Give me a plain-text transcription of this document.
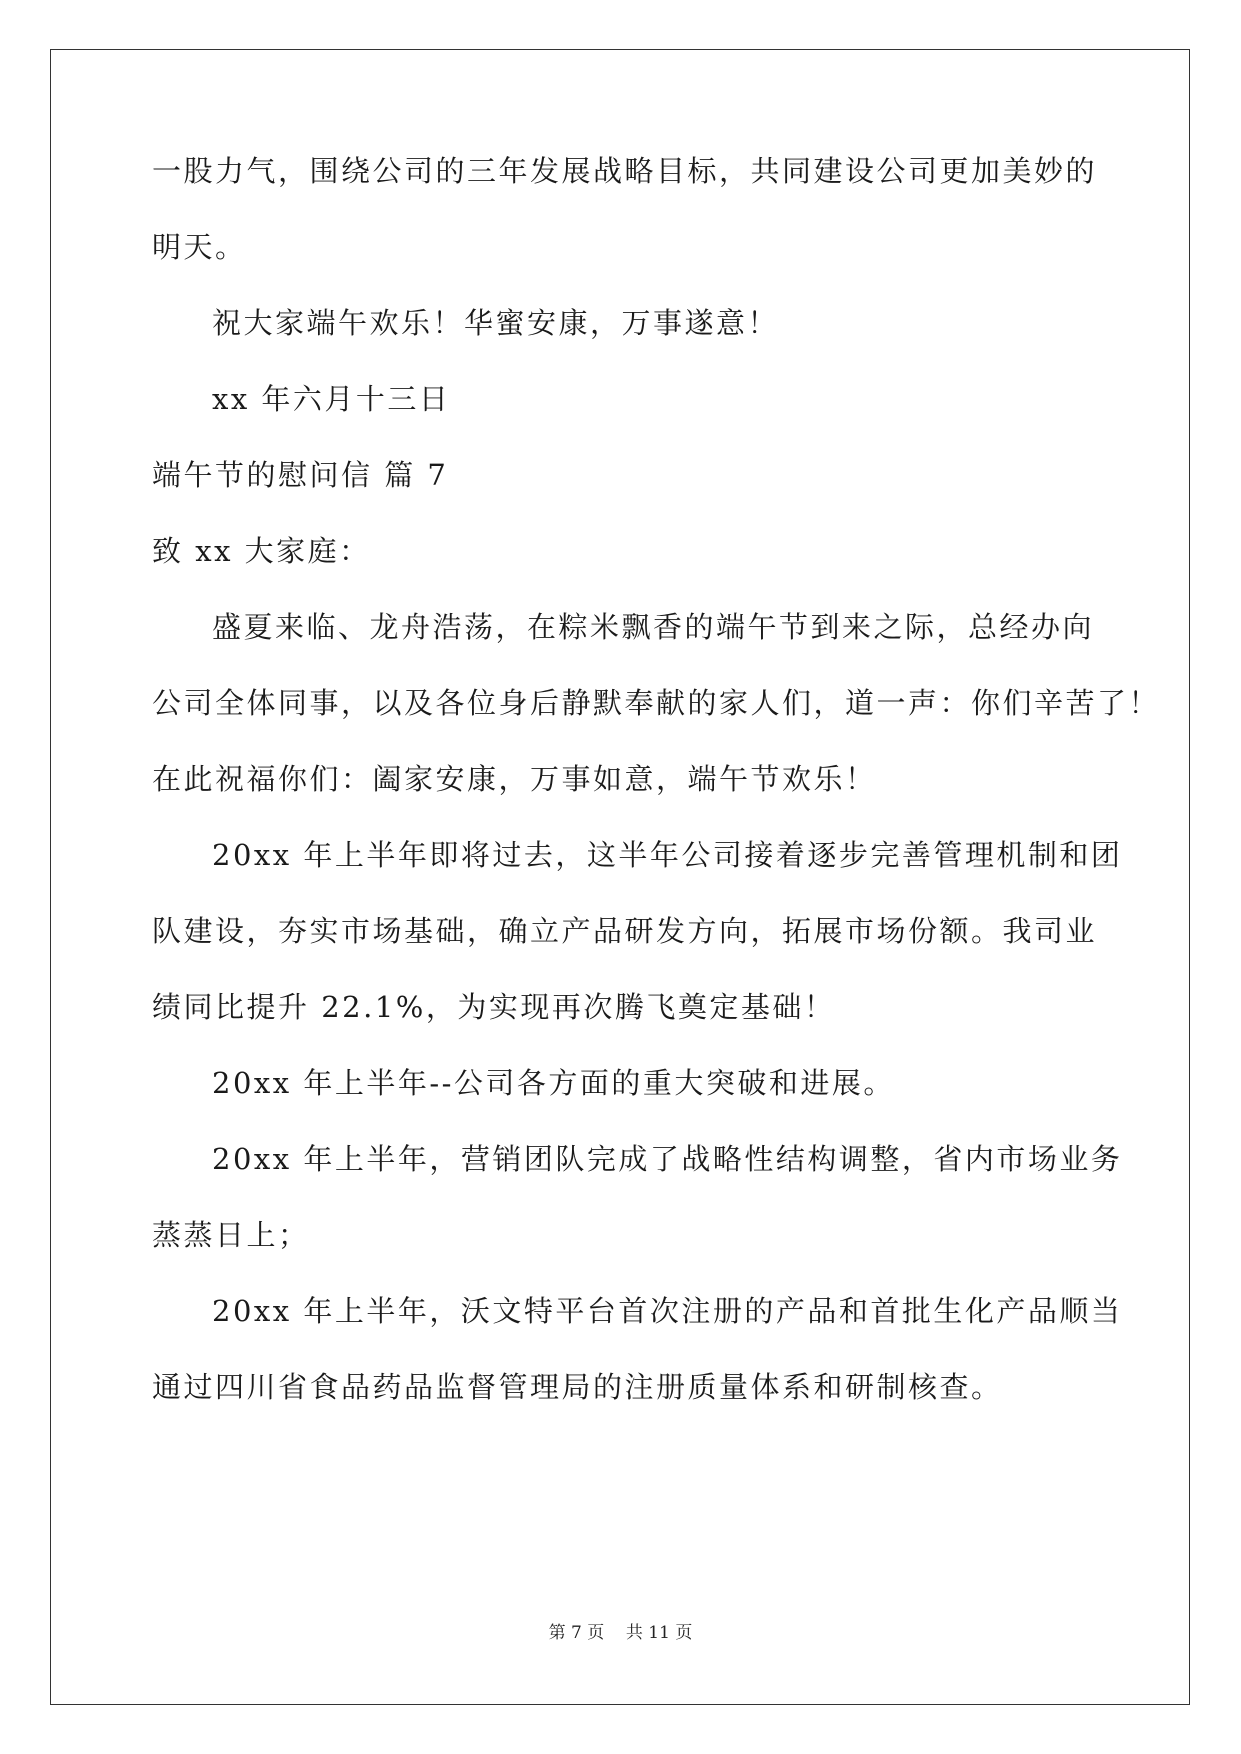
一股力气，围绕公司的三年发展战略目标，共同建设公司更加美妙的
明天。
祝大家端午欢乐！华蜜安康，万事遂意！
xx 年六月十三日
端午节的慰问信 篇 7
致 xx 大家庭：
盛夏来临、龙舟浩荡，在粽米飘香的端午节到来之际，总经办向
公司全体同事，以及各位身后静默奉献的家人们，道一声：你们辛苦了！
在此祝福你们：阖家安康，万事如意，端午节欢乐！
20xx 年上半年即将过去，这半年公司接着逐步完善管理机制和团
队建设，夯实市场基础，确立产品研发方向，拓展市场份额。我司业
绩同比提升 22.1%，为实现再次腾飞奠定基础！
20xx 年上半年--公司各方面的重大突破和进展。
20xx 年上半年，营销团队完成了战略性结构调整，省内市场业务
蒸蒸日上；
20xx 年上半年，沃文特平台首次注册的产品和首批生化产品顺当
通过四川省食品药品监督管理局的注册质量体系和研制核查。
第 7 页    共 11 页
